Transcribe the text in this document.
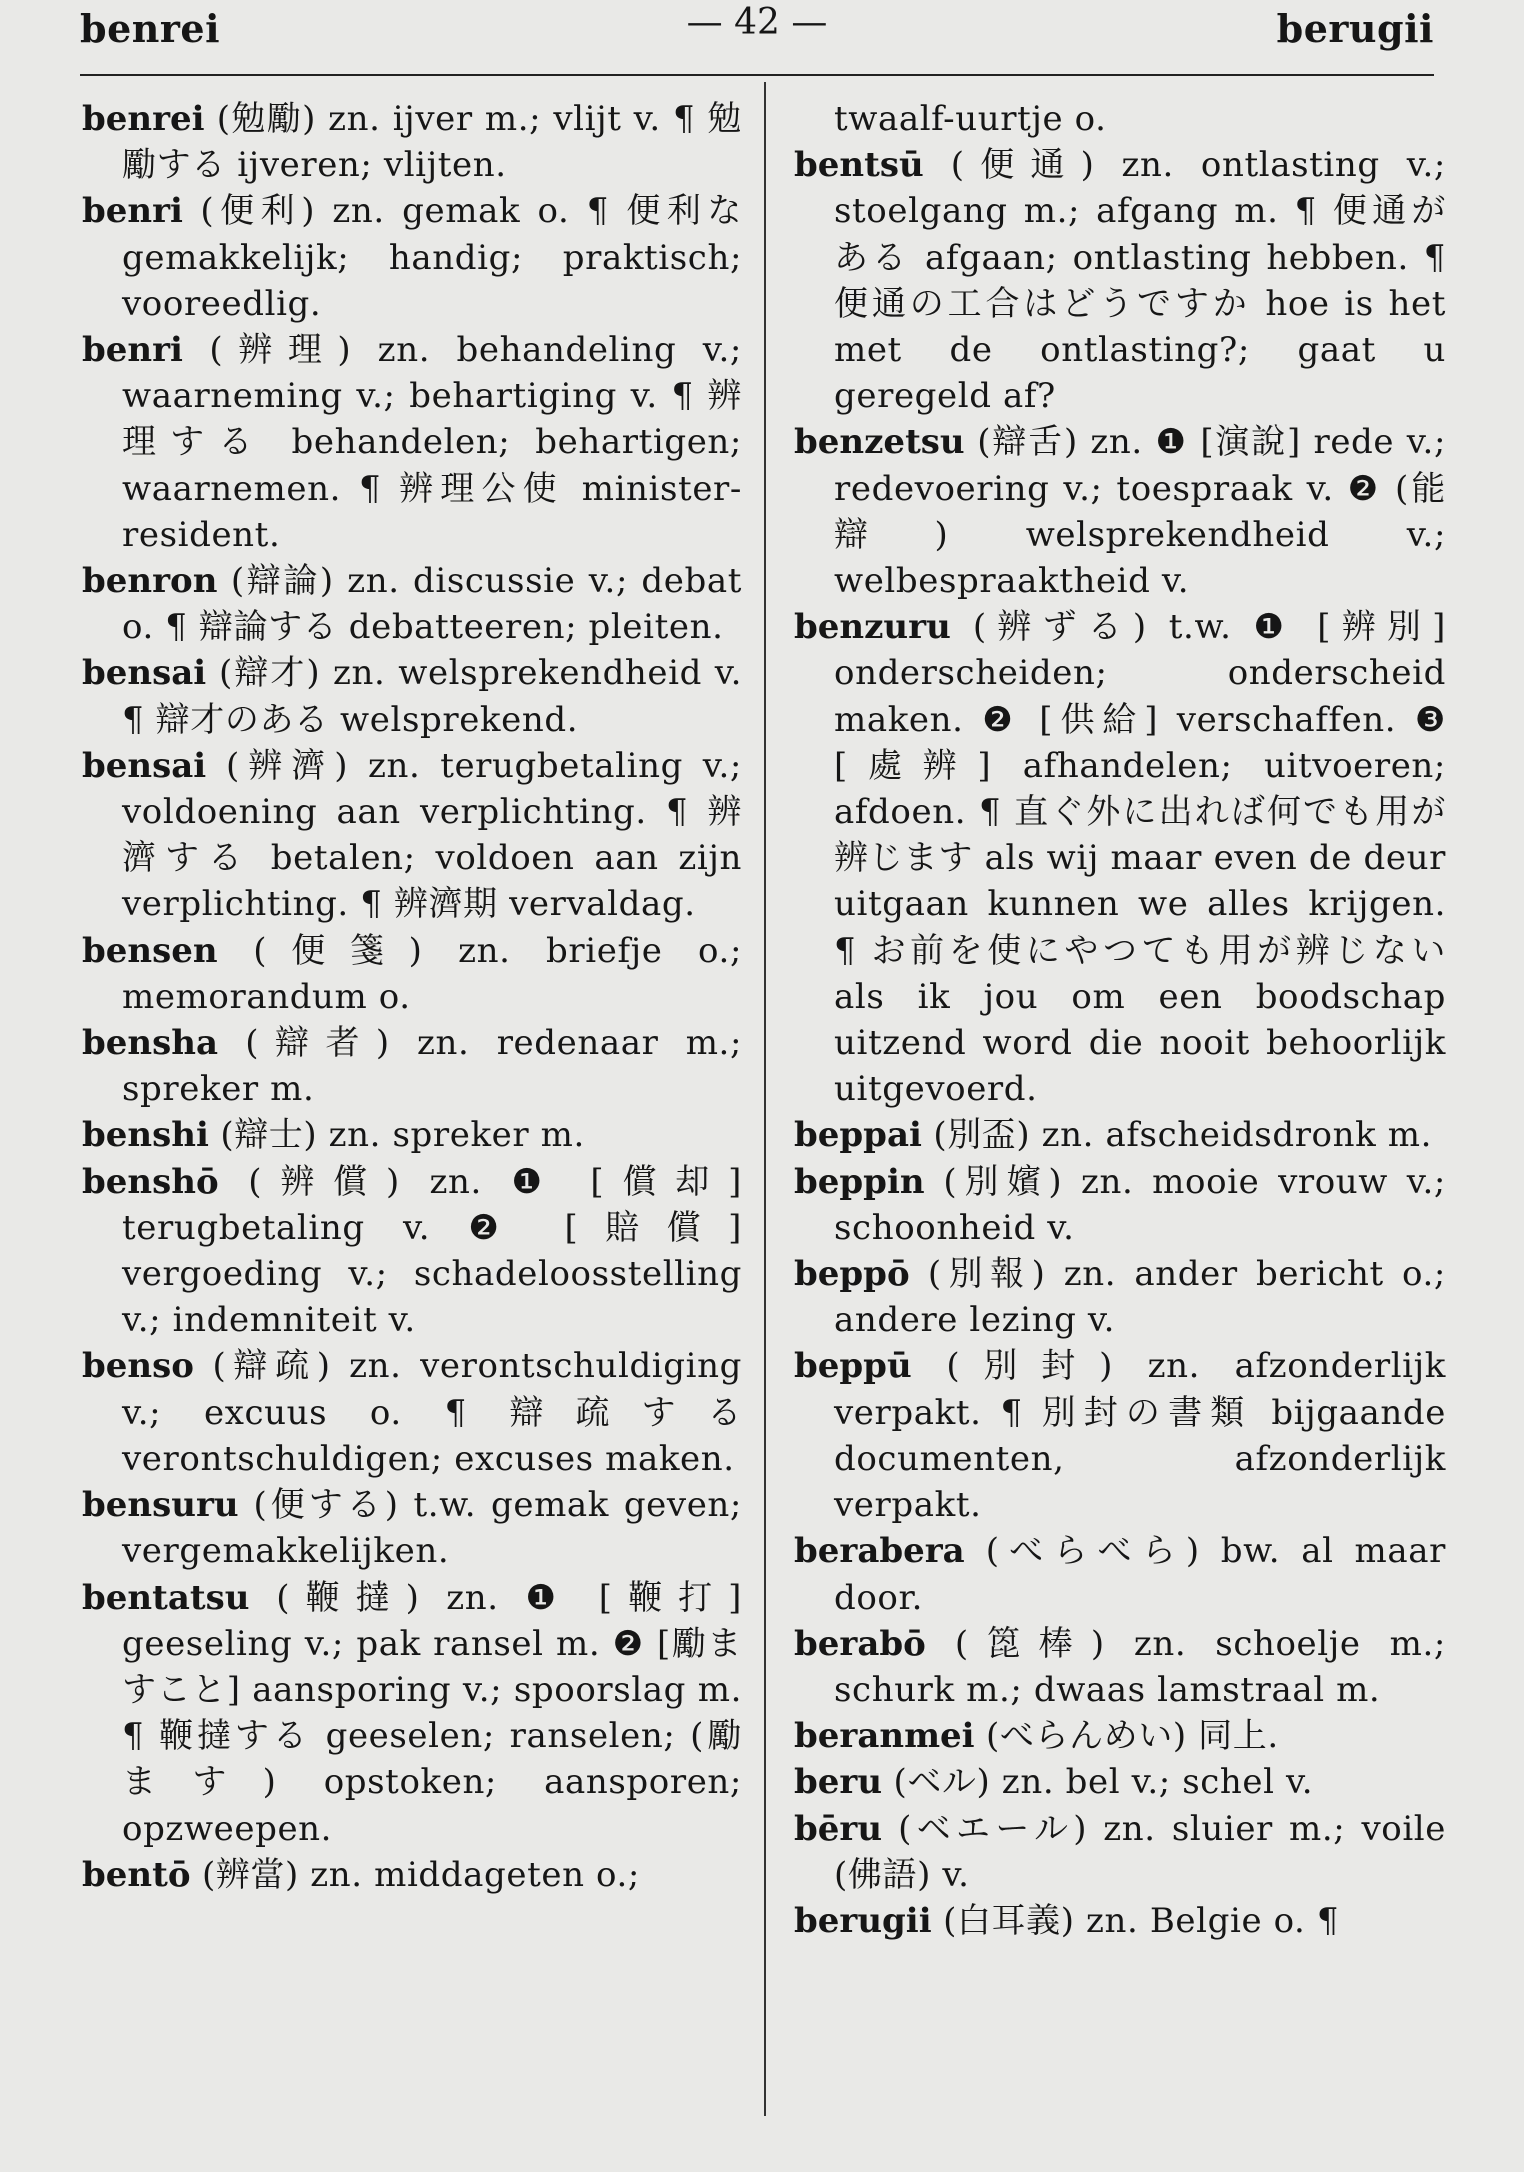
benrei	— 42 —	berugii

benrei (勉勵) zn. ijver m.; vlijt v. ¶ 勉勵する ijveren; vlijten.

benri (便利) zn. gemak o. ¶ 便利な gemakkelijk; handig; praktisch; vooreedlig.

benri (辨理) zn. behandeling v.; waarneming v.; behartiging v. ¶ 辨理する behandelen; behartigen; waarnemen. ¶ 辨理公使 minister-resident.

benron (辯論) zn. discussie v.; debat o. ¶ 辯論する debatteeren; pleiten.

bensai (辯才) zn. welsprekendheid v. ¶ 辯才のある welsprekend.

bensai (辨濟) zn. terugbetaling v.; voldoening aan verplichting. ¶ 辨濟する betalen; voldoen aan zijn verplichting. ¶ 辨濟期 vervaldag.

bensen (便箋) zn. briefje o.; memorandum o.

bensha (辯者) zn. redenaar m.; spreker m.

benshi (辯士) zn. spreker m.

benshō (辨償) zn. ❶ [償却] terugbetaling v. ❷ [賠償] vergoeding v.; schadeloosstelling v.; indemniteit v.

benso (辯疏) zn. verontschuldiging v.; excuus o. ¶ 辯疏する verontschuldigen; excuses maken.

bensuru (便する) t.w. gemak geven; vergemakkelijken.

bentatsu (鞭撻) zn. ❶ [鞭打] geeseling v.; pak ransel m. ❷ [勵ますこと] aansporing v.; spoorslag m. ¶ 鞭撻する geeselen; ranselen; (勵ます) opstoken; aansporen; opzweepen.

bentō (辨當) zn. middageten o.;

twaalf-uurtje o.

bentsū (便通) zn. ontlasting v.; stoelgang m.; afgang m. ¶ 便通がある afgaan; ontlasting hebben. ¶ 便通の工合はどうですか hoe is het met de ontlasting?; gaat u geregeld af?

benzetsu (辯舌) zn. ❶ [演說] rede v.; redevoering v.; toespraak v. ❷ (能辯) welsprekendheid v.; welbespraaktheid v.

benzuru (辨ずる) t.w. ❶ [辨別] onderscheiden; onderscheid maken. ❷ [供給] verschaffen. ❸ [處辨] afhandelen; uitvoeren; afdoen. ¶ 直ぐ外に出れば何でも用が辨じます als wij maar even de deur uitgaan kunnen we alles krijgen. ¶ お前を使にやつても用が辨じない als ik jou om een boodschap uitzend word die nooit behoorlijk uitgevoerd.

beppai (別盃) zn. afscheidsdronk m.

beppin (別嬪) zn. mooie vrouw v.; schoonheid v.

beppō (別報) zn. ander bericht o.; andere lezing v.

beppū (別封) zn. afzonderlijk verpakt. ¶ 別封の書類 bijgaande documenten, afzonderlijk verpakt.

berabera (べらべら) bw. al maar door.

berabō (箆棒) zn. schoelje m.; schurk m.; dwaas lamstraal m.

beranmei (べらんめい) 同上.

beru (ベル) zn. bel v.; schel v.

bēru (ベエール) zn. sluier m.; voile (佛語) v.

berugii (白耳義) zn. Belgie o. ¶
